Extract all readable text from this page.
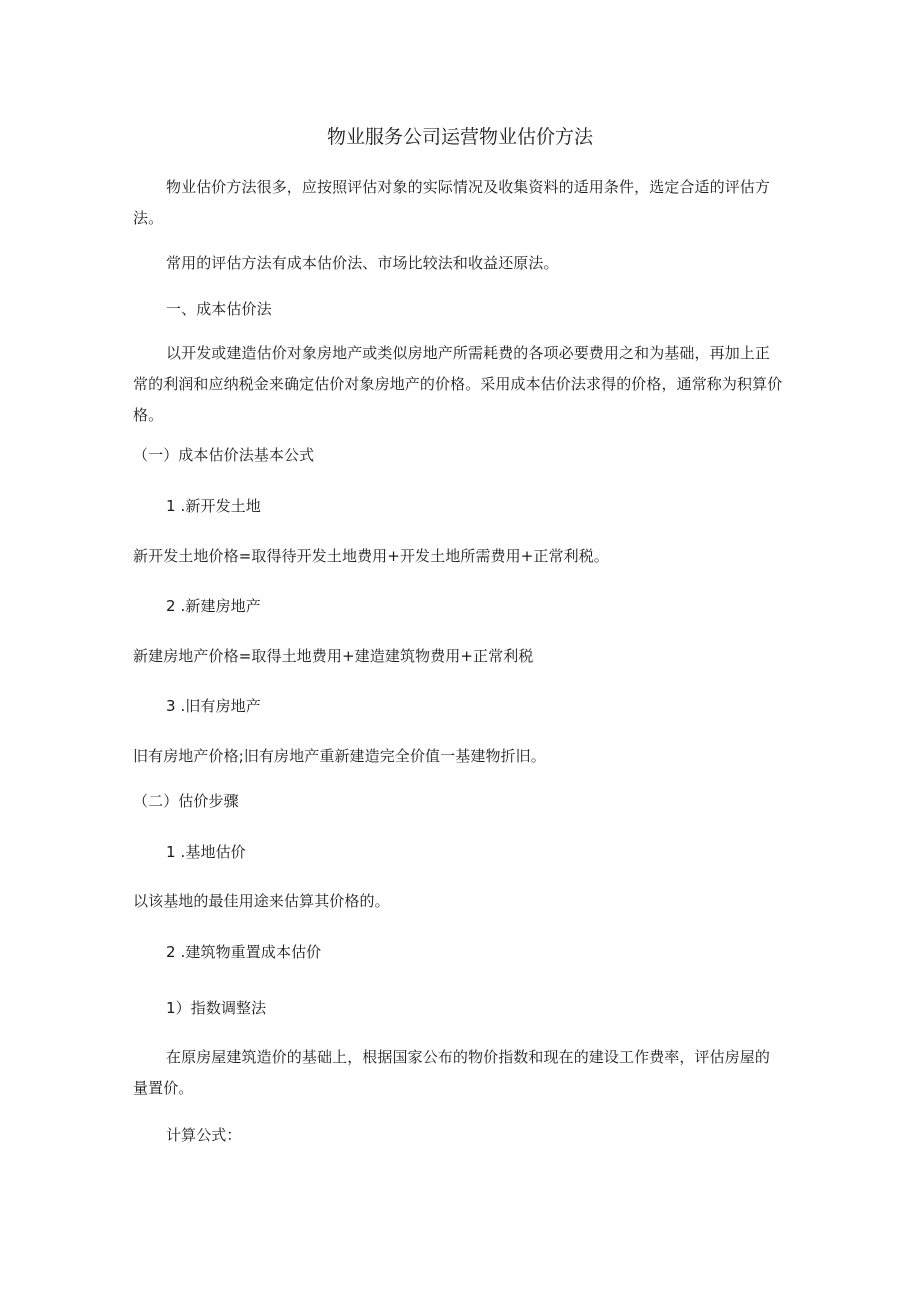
物业服务公司运营物业估价方法
物业估价方法很多，应按照评估对象的实际情况及收集资料的适用条件，选定合适的评估方法。
常用的评估方法有成本估价法、市场比较法和收益还原法。
一、成本估价法
以开发或建造估价对象房地产或类似房地产所需耗费的各项必要费用之和为基础，再加上正常的利润和应纳税金来确定估价对象房地产的价格。采用成本估价法求得的价格，通常称为积算价格。
（一）成本估价法基本公式
1 .新开发土地
新开发土地价格=取得待开发土地费用+开发土地所需费用+正常利税。
2 .新建房地产
新建房地产价格=取得土地费用+建造建筑物费用+正常利税
3 .旧有房地产
旧有房地产价格;旧有房地产重新建造完全价值一基建物折旧。
（二）估价步骤
1 .基地估价
以该基地的最佳用途来估算其价格的。
2 .建筑物重置成本估价
1）指数调整法
在原房屋建筑造价的基础上，根据国家公布的物价指数和现在的建设工作费率，评估房屋的量置价。
计算公式：
